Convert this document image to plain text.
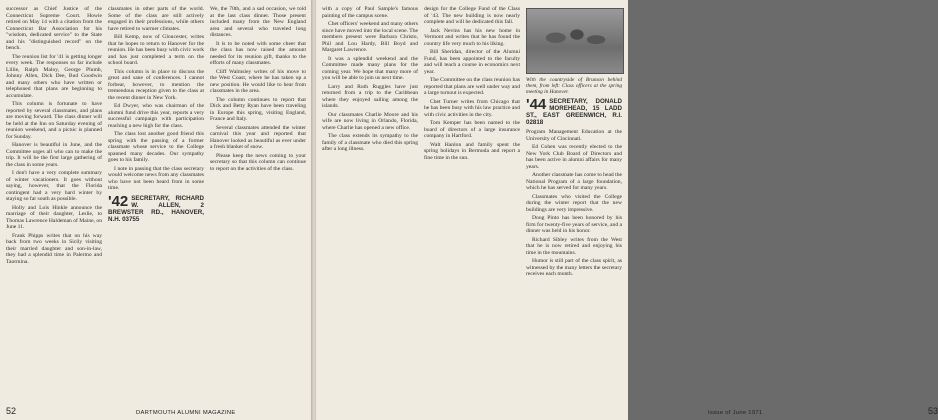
successor as Chief Justice of the Connecticut Supreme Court. Howie retired on May 14 with a citation from the Connecticut Bar Association for his "wisdom, dedicated service" to the State and his "distinguished record" on the bench.

The reunion list for '41 is getting longer every week. The responses so far include Lillie, Ralph Maloy, George Plumb, Johnny Allen, Dick Dee, Bud Goodwin and many others who have written or telephoned that plans are beginning to accumulate.

This column is fortunate to have reported by several classmates, and plans are moving forward. The class dinner will be held at the Inn on Saturday evening of reunion weekend, and a picnic is planned for Sunday.

Hanover is beautiful in June, and the Committee urges all who can to make the trip. It will be the first large gathering of the class in some years.

I don't have a very complete summary of winter vacationers. It goes without saying, however, that the Florida contingent had a very hard winter by staying so far south as possible.

Holly and Lois Hinkle announce the marriage of their daughter, Leslie, to Thomas Lawrence Haldeman of Maine, on June 11.

Frank Phipps writes that on his way back from two weeks in Sicily visiting their married daughter and son-in-law, they had a splendid time in Palermo and Taormina.

classmates in other parts of the world. Some of the class are still actively engaged in their professions, while others have retired to warmer climates.

Bill Kemp, now of Gloucester, writes that he hopes to return to Hanover for the reunion. He has been busy with civic work and has just completed a term on the school board.

This column is in place to discuss the great and sane of conferences. I cannot forbear, however, to mention the tremendous reception given to the class at the recent dinner in New York.

Ed Dwyer, who was chairman of the alumni fund drive this year, reports a very successful campaign with participation reaching a new high for the class.

The class lost another good friend this spring with the passing of a former classmate whose service to the College spanned many decades. Our sympathy goes to his family.

I note in passing that the class secretary would welcome news from any classmates who have not been heard from in some time.

'42 SECRETARY, RICHARD W. ALLEN, 2 BREWSTER RD., HANOVER, N.H. 03755

We, the 70th, and a sad occasion, we told at the last class dinner. Those present included many from the New England area and several who traveled long distances.

It is to be noted with some cheer that the class has now raised the amount needed for its reunion gift, thanks to the efforts of many classmates.

Cliff Walmsley writes of his move to the West Coast, where he has taken up a new position. He would like to hear from classmates in the area.

The column continues to report that Dick and Betty Ryan have been traveling in Europe this spring, visiting England, France and Italy.

Several classmates attended the winter carnival this year and reported that Hanover looked as beautiful as ever under a fresh blanket of snow.

Please keep the news coming to your secretary so that this column can continue to report on the activities of the class.

52	DARTMOUTH ALUMNI MAGAZINE

with a copy of Paul Sample's famous painting of the campus scene.

Chet officers' weekend and many others since have moved into the local scene. The members present were Barbara Christo, Phil and Lou Hardy, Bill Boyd and Margaret Lawrence.

It was a splendid weekend and the Committee made many plans for the coming year. We hope that many more of you will be able to join us next time.

Larry and Ruth Ruggles have just returned from a trip to the Caribbean where they enjoyed sailing among the islands.

Our classmates Charlie Moore and his wife are now living in Orlando, Florida, where Charlie has opened a new office.

The class extends its sympathy to the family of a classmate who died this spring after a long illness.

design for the College Fund of the Class of '43. The new building is now nearly complete and will be dedicated this fall.

Jack Nevins has his new home in Vermont and writes that he has found the country life very much to his liking.

Bill Sheridan, director of the Alumni Fund, has been appointed to the faculty and will teach a course in economics next year.

The Committee on the class reunion has reported that plans are well under way and a large turnout is expected.

Chet Turner writes from Chicago that he has been busy with his law practice and with civic activities in the city.

Tom Kemper has been named to the board of directors of a large insurance company in Hartford.

Walt Hanlon and family spent the spring holidays in Bermuda and report a fine time in the sun.

With the countryside of Brunson behind them, from left: Class officers at the spring meeting in Hanover.
'44 SECRETARY, DONALD MOREHEAD, 15 LADD ST., EAST GREENWICH, R.I. 02818

Program Management Education at the University of Cincinnati.

Ed Cohen was recently elected to the New York Club Board of Directors and has been active in alumni affairs for many years.

Another classmate has come to head the National Program of a large foundation, which he has served for many years.

Classmates who visited the College during the winter report that the new buildings are very impressive.

Doug Pinto has been honored by his firm for twenty-five years of service, and a dinner was held in his honor.

Richard Sibley writes from the West that he is now retired and enjoying his time in the mountains.

Humor is still part of the class spirit, as witnessed by the many letters the secretary receives each month.

Issue of June 1971	53
